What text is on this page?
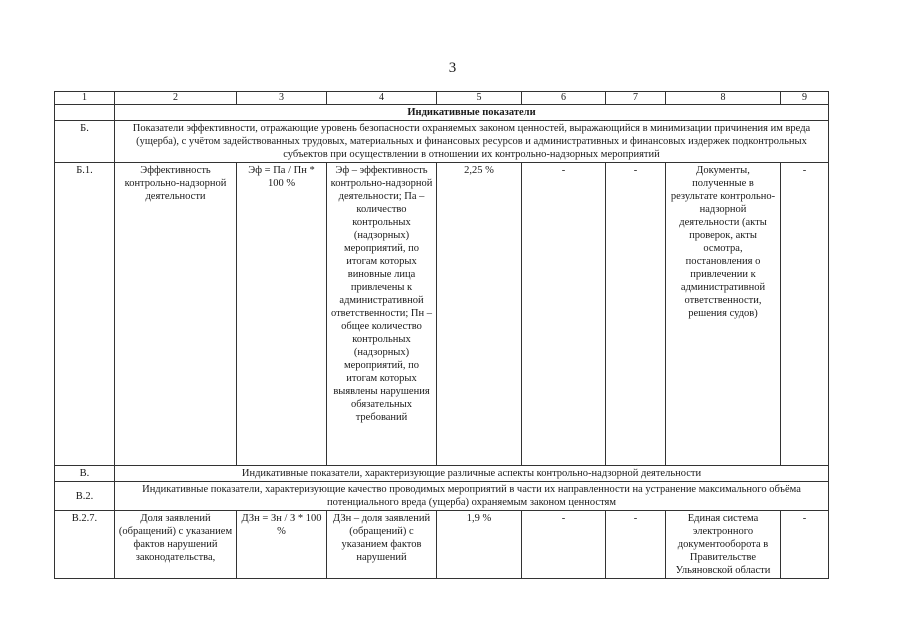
3
1	2	3	4	5	6	7	8	9
	Индикативные показатели							
Б.	Показатели эффективности, отражающие уровень безопасности охраняемых законом ценностей, выражающийся в минимизации причинения им вреда (ущерба), с учётом задействованных трудовых, материальных и финансовых ресурсов и административных и финансовых издержек подконтрольных субъектов при осуществлении в отношении их контрольно-надзорных мероприятий							
Б.1.	Эффективность контрольно-надзорной деятельности	Эф = Па / Пн * 100 %	Эф – эффективность контрольно-надзорной деятельности; Па – количество контрольных (надзорных) мероприятий, по итогам которых виновные лица привлечены к административной ответственности; Пн – общее количество контрольных (надзорных) мероприятий, по итогам которых выявлены нарушения обязательных требований	2,25 %	-	-	Документы, полученные в результате контрольно-надзорной деятельности (акты проверок, акты осмотра, постановления о привлечении к административной ответственности, решения судов)	-
В.	Индикативные показатели, характеризующие различные аспекты контрольно-надзорной деятельности							
В.2.	Индикативные показатели, характеризующие качество проводимых мероприятий в части их направленности на устранение максимального объёма потенциального вреда (ущерба) охраняемым законом ценностям							
В.2.7.	Доля заявлений (обращений) с указанием фактов нарушений законодательства,	ДЗн = Зн / З * 100 %	ДЗн – доля заявлений (обращений) с указанием фактов нарушений	1,9 %	-	-	Единая система электронного документооборота в Правительстве Ульяновской области	-
